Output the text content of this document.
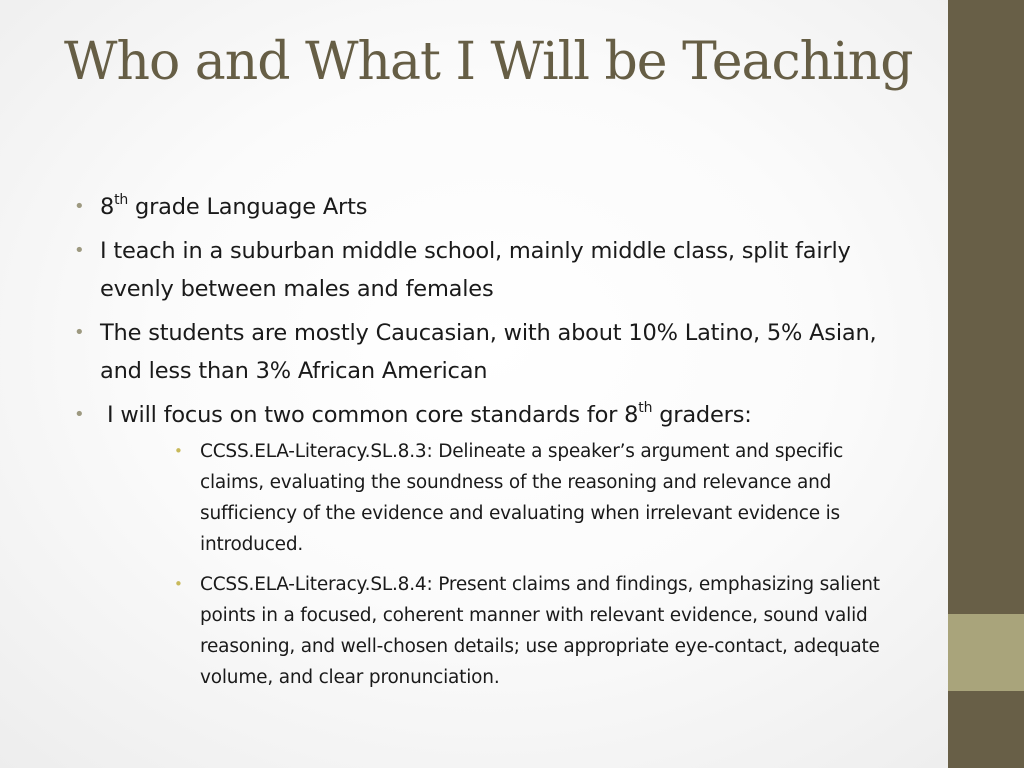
Who and What I Will be Teaching
• 8th grade Language Arts
• I teach in a suburban middle school, mainly middle class, split fairly evenly between males and females
• The students are mostly Caucasian, with about 10% Latino, 5% Asian, and less than 3% African American
• I will focus on two common core standards for 8th graders:
• CCSS.ELA-Literacy.SL.8.3: Delineate a speaker’s argument and specific claims, evaluating the soundness of the reasoning and relevance and sufficiency of the evidence and evaluating when irrelevant evidence is introduced.
• CCSS.ELA-Literacy.SL.8.4: Present claims and findings, emphasizing salient points in a focused, coherent manner with relevant evidence, sound valid reasoning, and well-chosen details; use appropriate eye-contact, adequate volume, and clear pronunciation.
